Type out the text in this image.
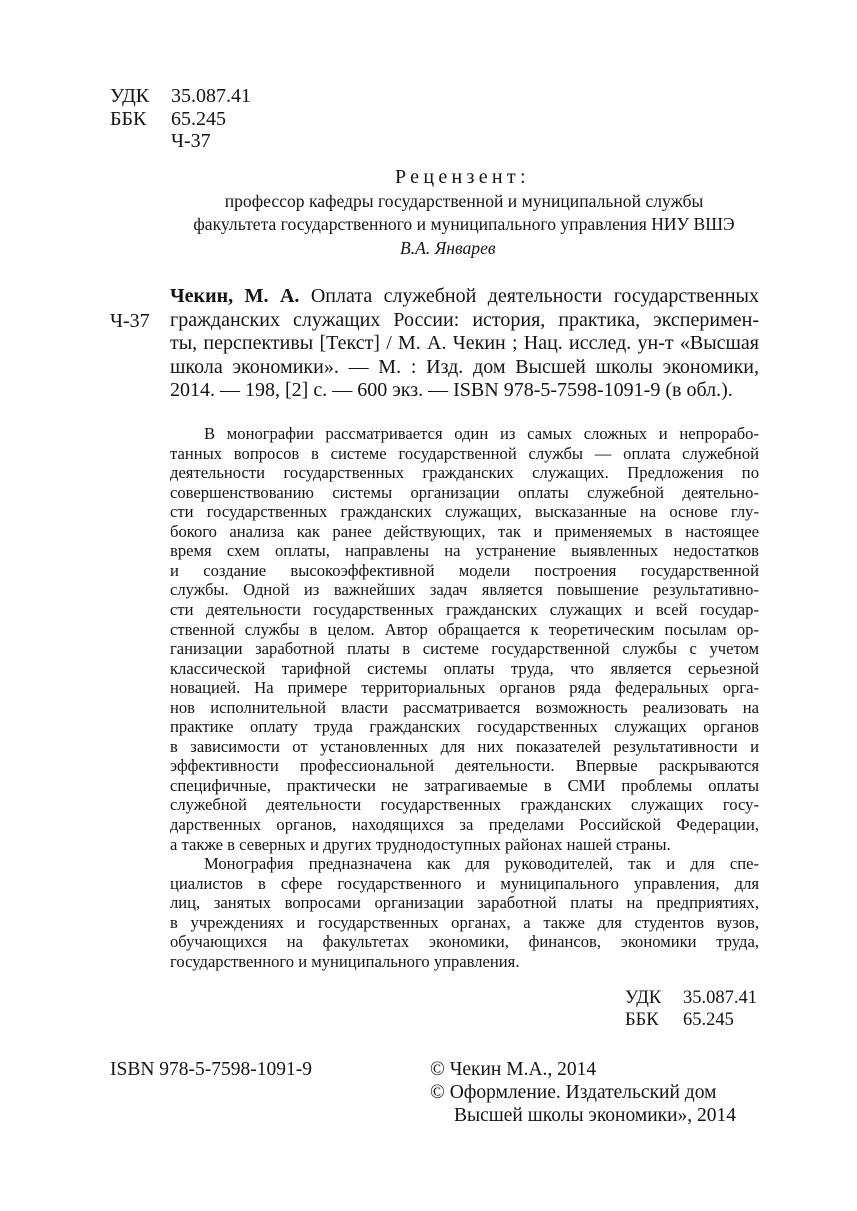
УДК 35.087.41
ББК 65.245
Ч-37
Рецензент:
профессор кафедры государственной и муниципальной службы
факультета государственного и муниципального управления НИУ ВШЭ
В.А. Январев
Ч-37
Чекин, М. А. Оплата служебной деятельности государственных
гражданских служащих России: история, практика, эксперимен-
ты, перспективы [Текст] / М. А. Чекин ; Нац. исслед. ун-т «Высшая
школа экономики». — М. : Изд. дом Высшей школы экономики,
2014. — 198, [2] с. — 600 экз. — ISBN 978-5-7598-1091-9 (в обл.).
В монографии рассматривается один из самых сложных и непрорабо-
танных вопросов в системе государственной службы — оплата служебной
деятельности государственных гражданских служащих. Предложения по
совершенствованию системы организации оплаты служебной деятельно-
сти государственных гражданских служащих, высказанные на основе глу-
бокого анализа как ранее действующих, так и применяемых в настоящее
время схем оплаты, направлены на устранение выявленных недостатков
и создание высокоэффективной модели построения государственной
службы. Одной из важнейших задач является повышение результативно-
сти деятельности государственных гражданских служащих и всей государ-
ственной службы в целом. Автор обращается к теоретическим посылам ор-
ганизации заработной платы в системе государственной службы с учетом
классической тарифной системы оплаты труда, что является серьезной
новацией. На примере территориальных органов ряда федеральных орга-
нов исполнительной власти рассматривается возможность реализовать на
практике оплату труда гражданских государственных служащих органов
в зависимости от установленных для них показателей результативности и
эффективности профессиональной деятельности. Впервые раскрываются
специфичные, практически не затрагиваемые в СМИ проблемы оплаты
служебной деятельности государственных гражданских служащих госу-
дарственных органов, находящихся за пределами Российской Федерации,
а также в северных и других труднодоступных районах нашей страны.
Монография предназначена как для руководителей, так и для спе-
циалистов в сфере государственного и муниципального управления, для
лиц, занятых вопросами организации заработной платы на предприятиях,
в учреждениях и государственных органах, а также для студентов вузов,
обучающихся на факультетах экономики, финансов, экономики труда,
государственного и муниципального управления.
УДК 35.087.41
ББК 65.245
ISBN 978-5-7598-1091-9	© Чекин М.А., 2014
© Оформление. Издательский дом
Высшей школы экономики», 2014
